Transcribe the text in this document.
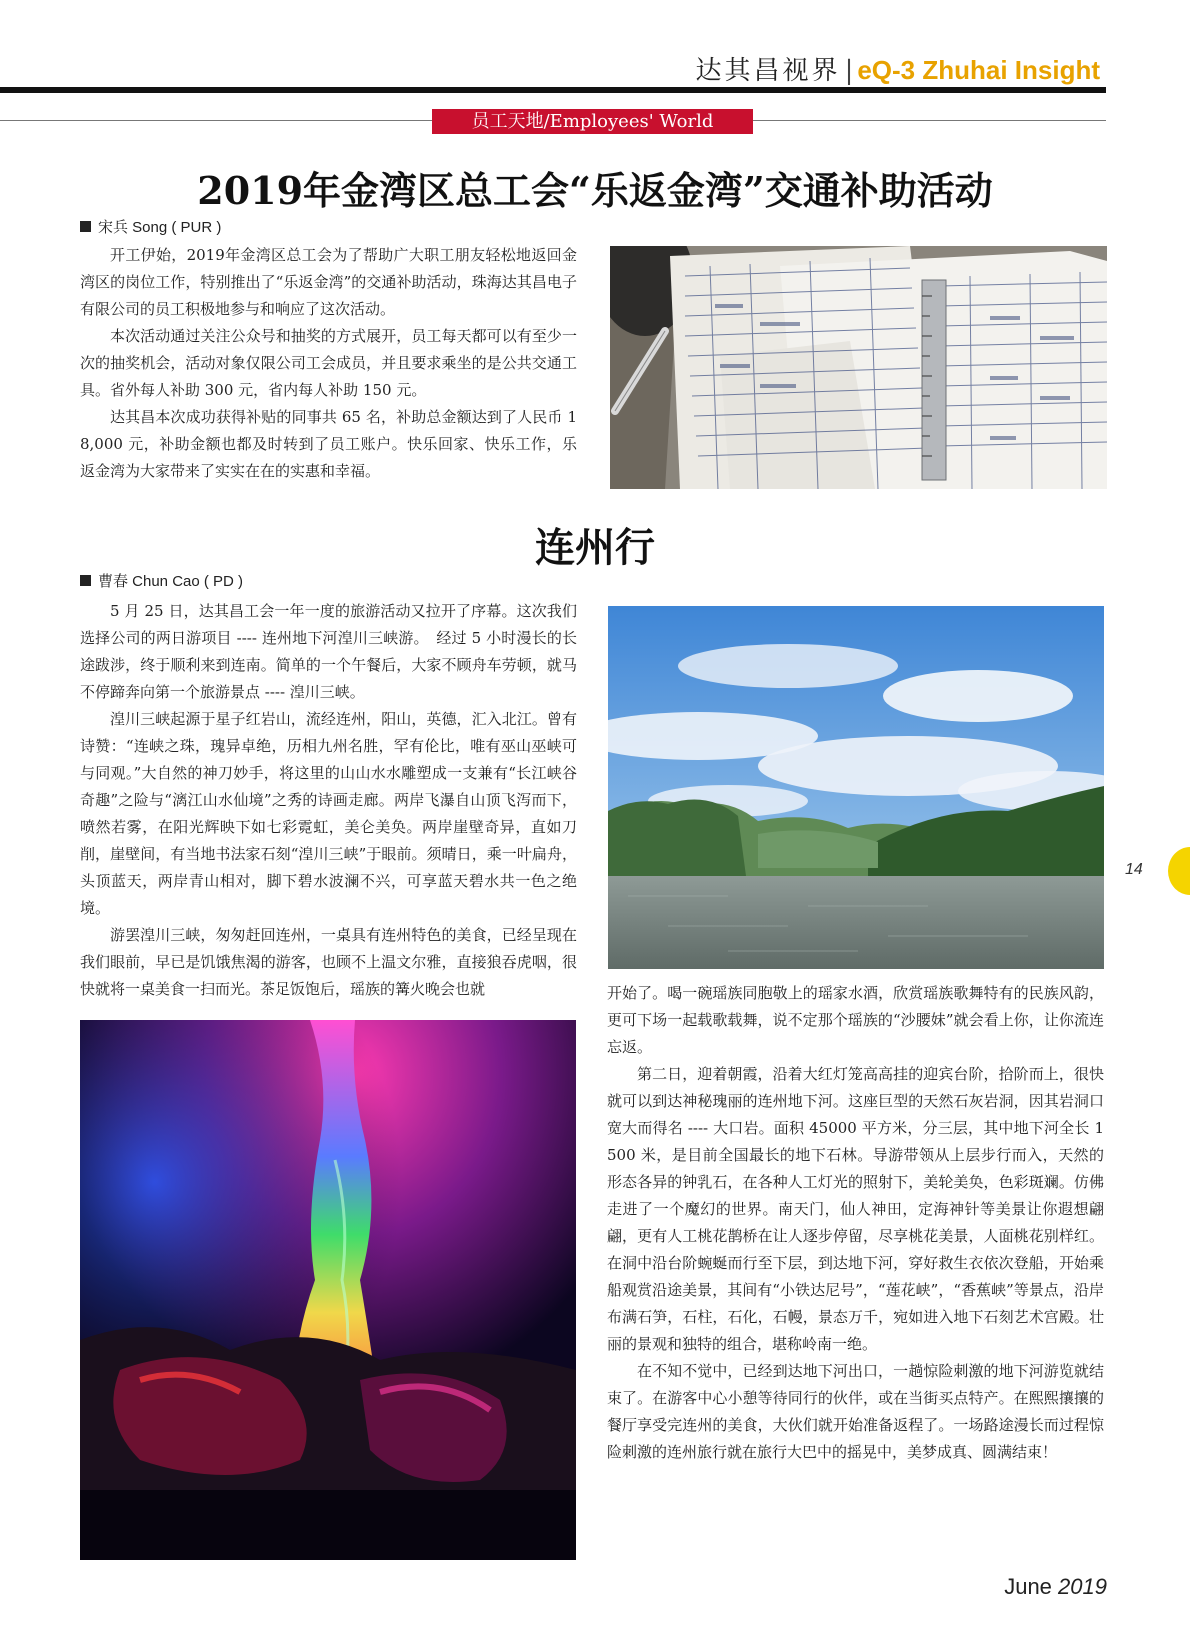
达其昌视界 | eQ-3 Zhuhai Insight
员工天地/Employees' World
2019年金湾区总工会“乐返金湾”交通补助活动
宋兵 Song ( PUR )

开工伊始，2019年金湾区总工会为了帮助广大职工朋友轻松地返回金湾区的岗位工作，特别推出了“乐返金湾”的交通补助活动，珠海达其昌电子有限公司的员工积极地参与和响应了这次活动。

本次活动通过关注公众号和抽奖的方式展开，员工每天都可以有至少一次的抽奖机会，活动对象仅限公司工会成员，并且要求乘坐的是公共交通工具。省外每人补助 300 元，省内每人补助 150 元。

达其昌本次成功获得补贴的同事共 65 名，补助总金额达到了人民币 18,000 元，补助金额也都及时转到了员工账户。快乐回家、快乐工作，乐返金湾为大家带来了实实在在的实惠和幸福。

连州行
曹春 Chun Cao ( PD )

5 月 25 日，达其昌工会一年一度的旅游活动又拉开了序幕。这次我们选择公司的两日游项目 ---- 连州地下河湟川三峡游。　经过 5 小时漫长的长途跋涉，终于顺利来到连南。简单的一个午餐后，大家不顾舟车劳顿，就马不停蹄奔向第一个旅游景点 ---- 湟川三峡。

湟川三峡起源于星子红岩山，流经连州，阳山，英德，汇入北江。曾有诗赞：“连峡之珠，瑰异卓绝，历相九州名胜，罕有伦比，唯有巫山巫峡可与同观。”大自然的神刀妙手，将这里的山山水水雕塑成一支兼有“长江峡谷奇趣”之险与“漓江山水仙境”之秀的诗画走廊。两岸飞瀑自山顶飞泻而下，喷然若雾，在阳光辉映下如七彩霓虹，美仑美奂。两岸崖壁奇异，直如刀削，崖壁间，有当地书法家石刻“湟川三峡”于眼前。须晴日，乘一叶扁舟，头顶蓝天，两岸青山相对，脚下碧水波澜不兴，可享蓝天碧水共一色之绝境。

游罢湟川三峡，匆匆赶回连州，一桌具有连州特色的美食，已经呈现在我们眼前，早已是饥饿焦渴的游客，也顾不上温文尔雅，直接狼吞虎咽，很快就将一桌美食一扫而光。茶足饭饱后，瑶族的篝火晚会也就	开始了。喝一碗瑶族同胞敬上的瑶家水酒，欣赏瑶族歌舞特有的民族风韵，更可下场一起载歌载舞，说不定那个瑶族的“沙腰妹”就会看上你，让你流连忘返。

第二日，迎着朝霞，沿着大红灯笼高高挂的迎宾台阶，拾阶而上，很快就可以到达神秘瑰丽的连州地下河。这座巨型的天然石灰岩洞，因其岩洞口宽大而得名 ---- 大口岩。面积 45000 平方米，分三层，其中地下河全长 1500 米，是目前全国最长的地下石林。导游带领从上层步行而入，天然的形态各异的钟乳石，在各种人工灯光的照射下，美轮美奂，色彩斑斓。仿佛走进了一个魔幻的世界。南天门，仙人神田，定海神针等美景让你遐想翩翩，更有人工桃花鹊桥在让人逐步停留，尽享桃花美景，人面桃花别样红。在洞中沿台阶蜿蜒而行至下层，到达地下河，穿好救生衣依次登船，开始乘船观赏沿途美景，其间有“小铁达尼号”，“莲花峡”，“香蕉峡”等景点，沿岸布满石笋，石柱，石化，石幔，景态万千，宛如进入地下石刻艺术宫殿。壮丽的景观和独特的组合，堪称岭南一绝。

在不知不觉中，已经到达地下河出口，一趟惊险刺激的地下河游览就结束了。在游客中心小憩等待同行的伙伴，或在当街买点特产。在熙熙攘攘的餐厅享受完连州的美食，大伙们就开始准备返程了。一场路途漫长而过程惊险刺激的连州旅行就在旅行大巴中的摇晃中，美梦成真、圆满结束！

14
June 2019
